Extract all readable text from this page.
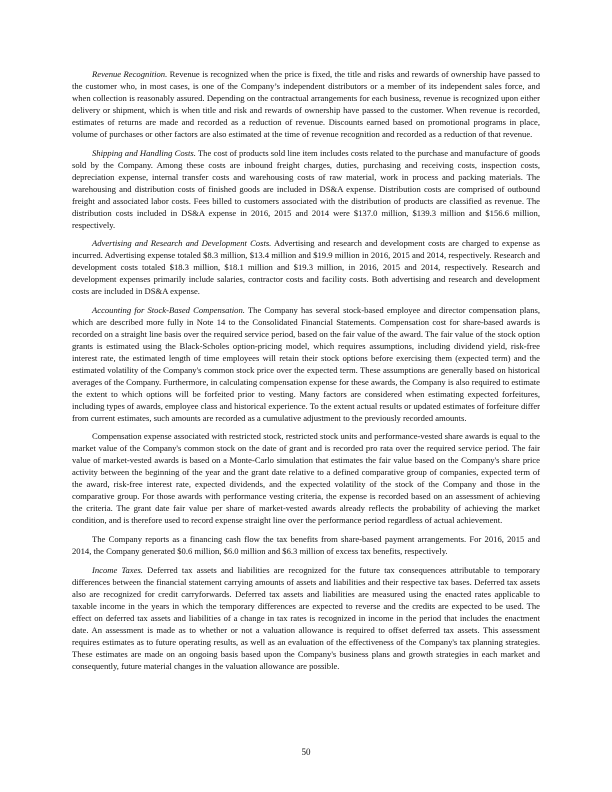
Revenue Recognition. Revenue is recognized when the price is fixed, the title and risks and rewards of ownership have passed to the customer who, in most cases, is one of the Company’s independent distributors or a member of its independent sales force, and when collection is reasonably assured. Depending on the contractual arrangements for each business, revenue is recognized upon either delivery or shipment, which is when title and risk and rewards of ownership have passed to the customer. When revenue is recorded, estimates of returns are made and recorded as a reduction of revenue. Discounts earned based on promotional programs in place, volume of purchases or other factors are also estimated at the time of revenue recognition and recorded as a reduction of that revenue.

Shipping and Handling Costs. The cost of products sold line item includes costs related to the purchase and manufacture of goods sold by the Company. Among these costs are inbound freight charges, duties, purchasing and receiving costs, inspection costs, depreciation expense, internal transfer costs and warehousing costs of raw material, work in process and packing materials. The warehousing and distribution costs of finished goods are included in DS&A expense. Distribution costs are comprised of outbound freight and associated labor costs. Fees billed to customers associated with the distribution of products are classified as revenue. The distribution costs included in DS&A expense in 2016, 2015 and 2014 were $137.0 million, $139.3 million and $156.6 million, respectively.

Advertising and Research and Development Costs. Advertising and research and development costs are charged to expense as incurred. Advertising expense totaled $8.3 million, $13.4 million and $19.9 million in 2016, 2015 and 2014, respectively. Research and development costs totaled $18.3 million, $18.1 million and $19.3 million, in 2016, 2015 and 2014, respectively. Research and development expenses primarily include salaries, contractor costs and facility costs. Both advertising and research and development costs are included in DS&A expense.

Accounting for Stock-Based Compensation. The Company has several stock-based employee and director compensation plans, which are described more fully in Note 14 to the Consolidated Financial Statements. Compensation cost for share-based awards is recorded on a straight line basis over the required service period, based on the fair value of the award. The fair value of the stock option grants is estimated using the Black-Scholes option-pricing model, which requires assumptions, including dividend yield, risk-free interest rate, the estimated length of time employees will retain their stock options before exercising them (expected term) and the estimated volatility of the Company's common stock price over the expected term. These assumptions are generally based on historical averages of the Company. Furthermore, in calculating compensation expense for these awards, the Company is also required to estimate the extent to which options will be forfeited prior to vesting. Many factors are considered when estimating expected forfeitures, including types of awards, employee class and historical experience. To the extent actual results or updated estimates of forfeiture differ from current estimates, such amounts are recorded as a cumulative adjustment to the previously recorded amounts.

Compensation expense associated with restricted stock, restricted stock units and performance-vested share awards is equal to the market value of the Company's common stock on the date of grant and is recorded pro rata over the required service period. The fair value of market-vested awards is based on a Monte-Carlo simulation that estimates the fair value based on the Company's share price activity between the beginning of the year and the grant date relative to a defined comparative group of companies, expected term of the award, risk-free interest rate, expected dividends, and the expected volatility of the stock of the Company and those in the comparative group. For those awards with performance vesting criteria, the expense is recorded based on an assessment of achieving the criteria. The grant date fair value per share of market-vested awards already reflects the probability of achieving the market condition, and is therefore used to record expense straight line over the performance period regardless of actual achievement.

The Company reports as a financing cash flow the tax benefits from share-based payment arrangements. For 2016, 2015 and 2014, the Company generated $0.6 million, $6.0 million and $6.3 million of excess tax benefits, respectively.

Income Taxes. Deferred tax assets and liabilities are recognized for the future tax consequences attributable to temporary differences between the financial statement carrying amounts of assets and liabilities and their respective tax bases. Deferred tax assets also are recognized for credit carryforwards. Deferred tax assets and liabilities are measured using the enacted rates applicable to taxable income in the years in which the temporary differences are expected to reverse and the credits are expected to be used. The effect on deferred tax assets and liabilities of a change in tax rates is recognized in income in the period that includes the enactment date. An assessment is made as to whether or not a valuation allowance is required to offset deferred tax assets. This assessment requires estimates as to future operating results, as well as an evaluation of the effectiveness of the Company's tax planning strategies. These estimates are made on an ongoing basis based upon the Company's business plans and growth strategies in each market and consequently, future material changes in the valuation allowance are possible.

50
